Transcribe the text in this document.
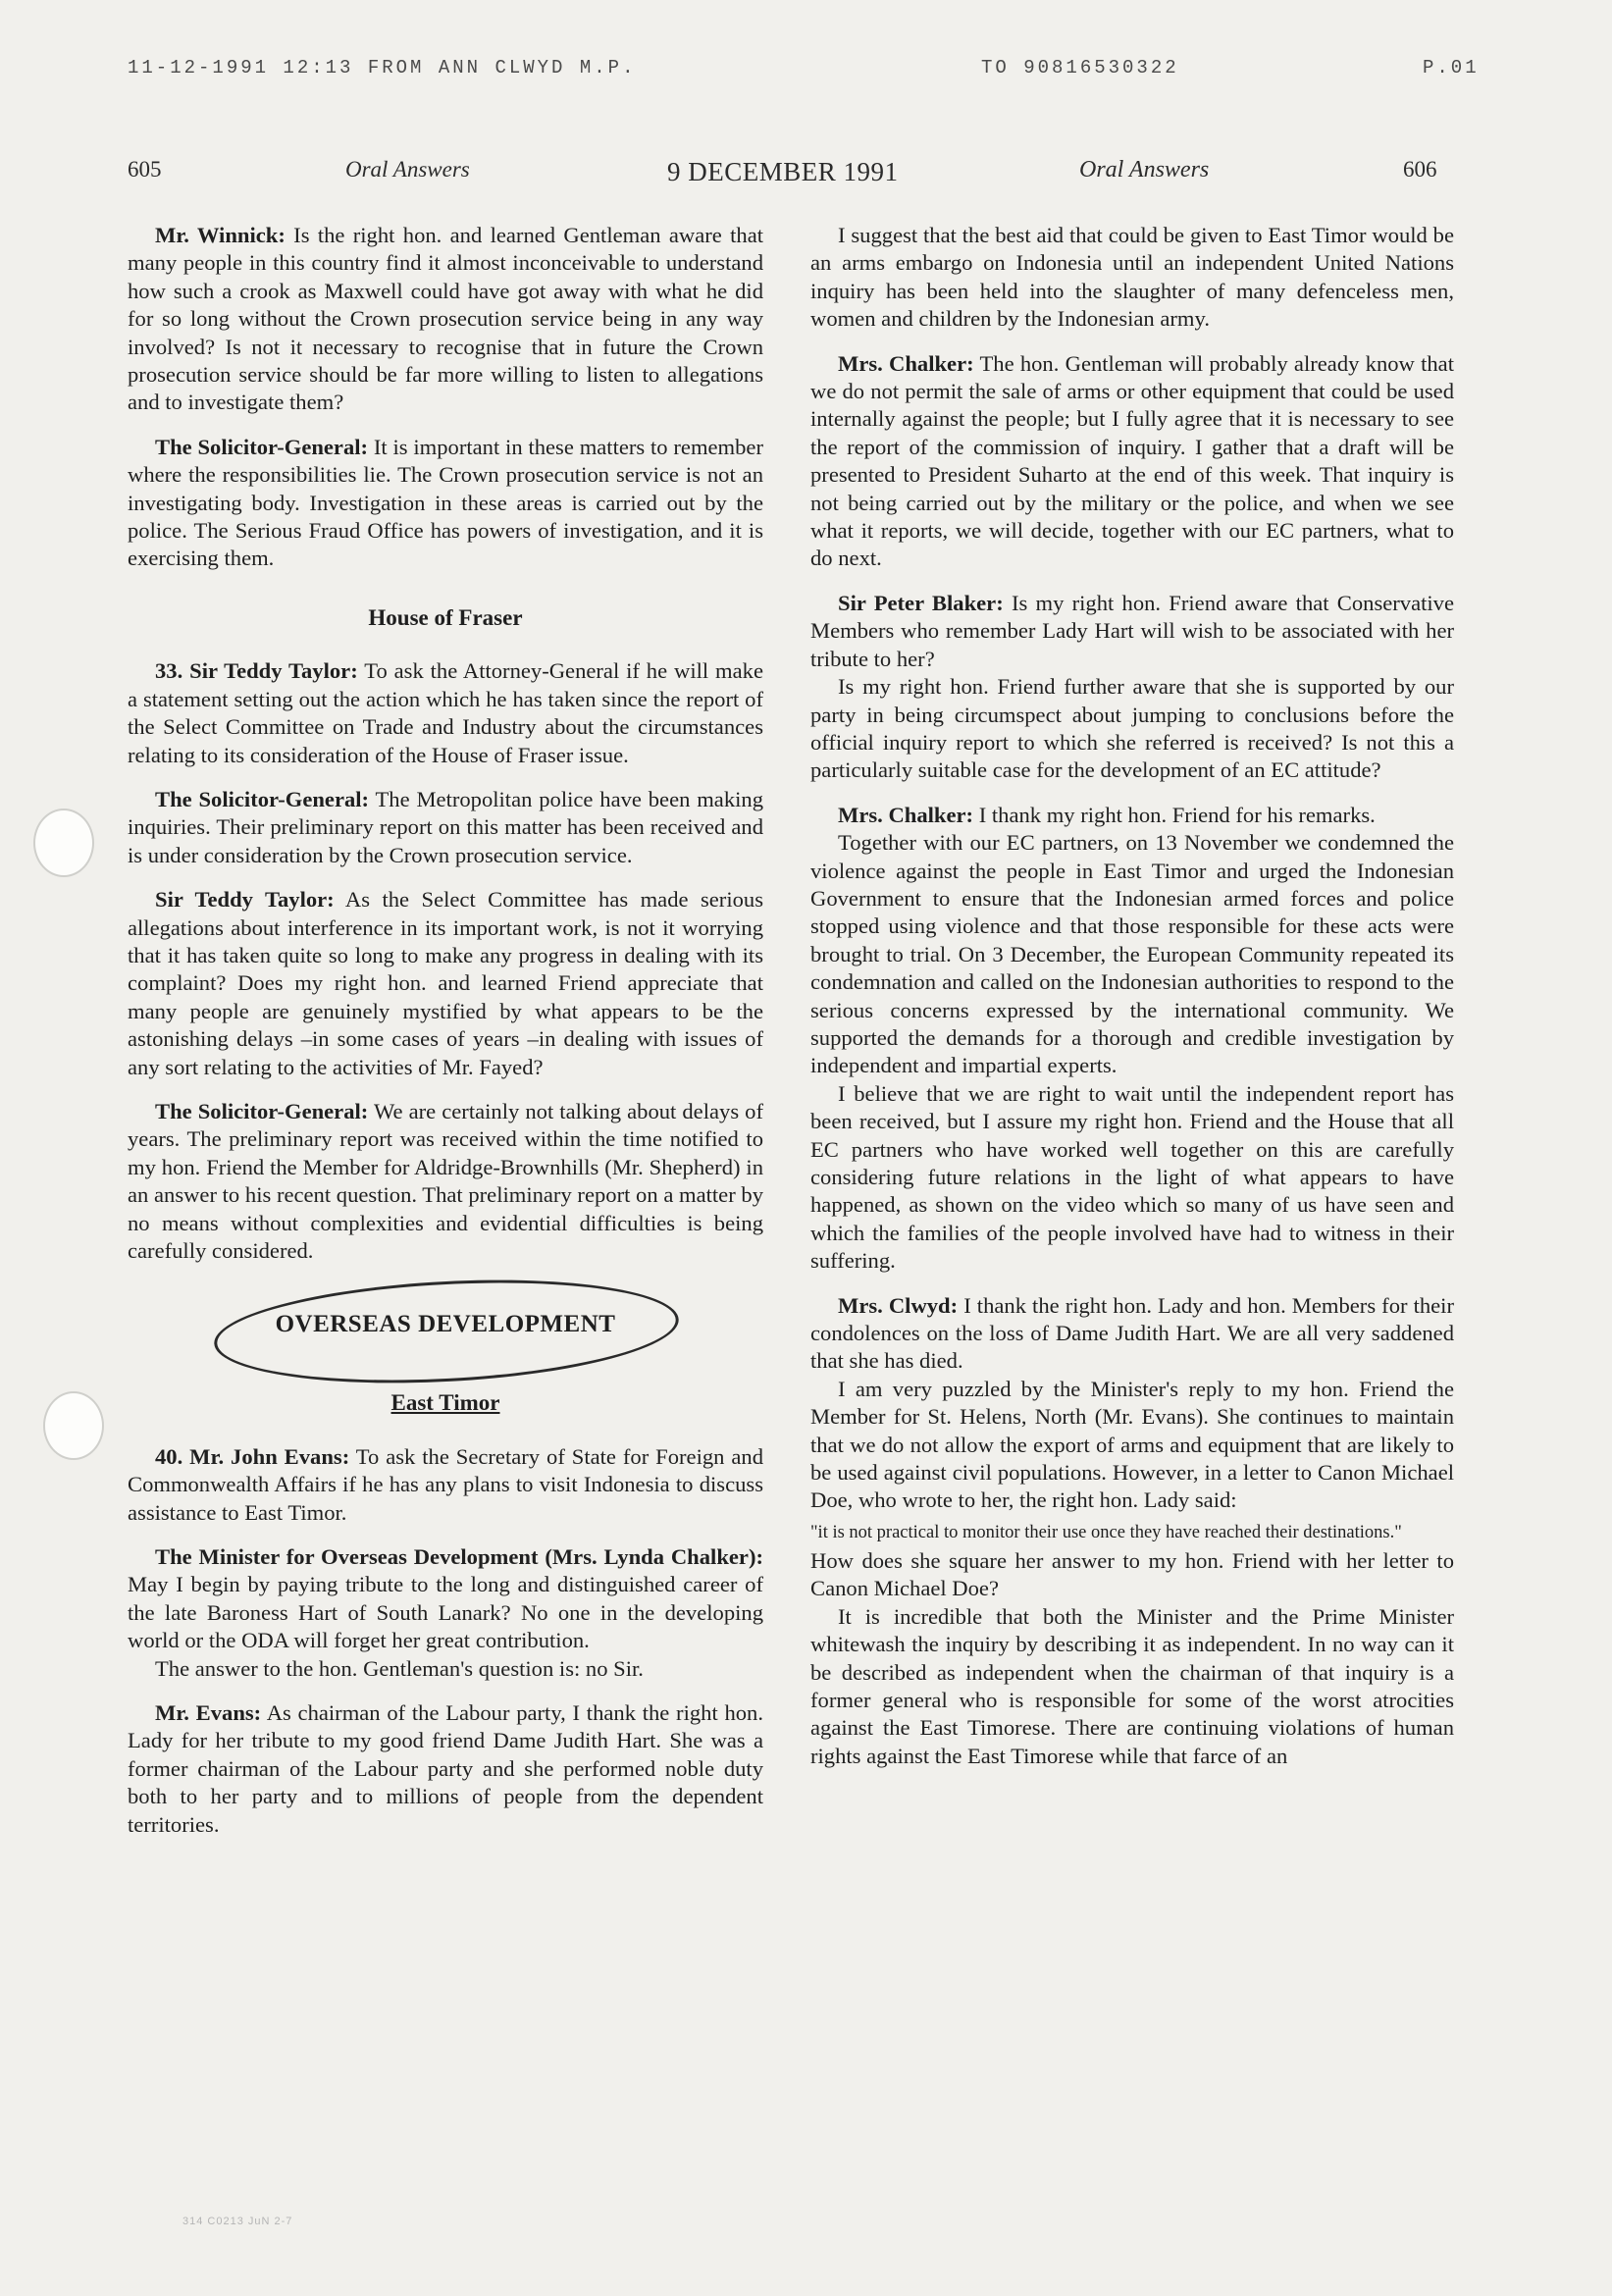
11-12-1991 12:13 FROM ANN CLWYD M.P.	TO 90816530322	P.01
605	Oral Answers	9 DECEMBER 1991	Oral Answers	606

Mr. Winnick: Is the right hon. and learned Gentleman aware that many people in this country find it almost inconceivable to understand how such a crook as Maxwell could have got away with what he did for so long without the Crown prosecution service being in any way involved? Is not it necessary to recognise that in future the Crown prosecution service should be far more willing to listen to allegations and to investigate them?

The Solicitor-General: It is important in these matters to remember where the responsibilities lie. The Crown prosecution service is not an investigating body. Investigation in these areas is carried out by the police. The Serious Fraud Office has powers of investigation, and it is exercising them.

House of Fraser

33. Sir Teddy Taylor: To ask the Attorney-General if he will make a statement setting out the action which he has taken since the report of the Select Committee on Trade and Industry about the circumstances relating to its consideration of the House of Fraser issue.

The Solicitor-General: The Metropolitan police have been making inquiries. Their preliminary report on this matter has been received and is under consideration by the Crown prosecution service.

Sir Teddy Taylor: As the Select Committee has made serious allegations about interference in its important work, is not it worrying that it has taken quite so long to make any progress in dealing with its complaint? Does my right hon. and learned Friend appreciate that many people are genuinely mystified by what appears to be the astonishing delays –in some cases of years –in dealing with issues of any sort relating to the activities of Mr. Fayed?

The Solicitor-General: We are certainly not talking about delays of years. The preliminary report was received within the time notified to my hon. Friend the Member for Aldridge-Brownhills (Mr. Shepherd) in an answer to his recent question. That preliminary report on a matter by no means without complexities and evidential difficulties is being carefully considered.

OVERSEAS DEVELOPMENT
East Timor

40. Mr. John Evans: To ask the Secretary of State for Foreign and Commonwealth Affairs if he has any plans to visit Indonesia to discuss assistance to East Timor.

The Minister for Overseas Development (Mrs. Lynda Chalker): May I begin by paying tribute to the long and distinguished career of the late Baroness Hart of South Lanark? No one in the developing world or the ODA will forget her great contribution.

The answer to the hon. Gentleman's question is: no Sir.

Mr. Evans: As chairman of the Labour party, I thank the right hon. Lady for her tribute to my good friend Dame Judith Hart. She was a former chairman of the Labour party and she performed noble duty both to her party and to millions of people from the dependent territories.

I suggest that the best aid that could be given to East Timor would be an arms embargo on Indonesia until an independent United Nations inquiry has been held into the slaughter of many defenceless men, women and children by the Indonesian army.

Mrs. Chalker: The hon. Gentleman will probably already know that we do not permit the sale of arms or other equipment that could be used internally against the people; but I fully agree that it is necessary to see the report of the commission of inquiry. I gather that a draft will be presented to President Suharto at the end of this week. That inquiry is not being carried out by the military or the police, and when we see what it reports, we will decide, together with our EC partners, what to do next.

Sir Peter Blaker: Is my right hon. Friend aware that Conservative Members who remember Lady Hart will wish to be associated with her tribute to her?

Is my right hon. Friend further aware that she is supported by our party in being circumspect about jumping to conclusions before the official inquiry report to which she referred is received? Is not this a particularly suitable case for the development of an EC attitude?

Mrs. Chalker: I thank my right hon. Friend for his remarks.

Together with our EC partners, on 13 November we condemned the violence against the people in East Timor and urged the Indonesian Government to ensure that the Indonesian armed forces and police stopped using violence and that those responsible for these acts were brought to trial. On 3 December, the European Community repeated its condemnation and called on the Indonesian authorities to respond to the serious concerns expressed by the international community. We supported the demands for a thorough and credible investigation by independent and impartial experts.

I believe that we are right to wait until the independent report has been received, but I assure my right hon. Friend and the House that all EC partners who have worked well together on this are carefully considering future relations in the light of what appears to have happened, as shown on the video which so many of us have seen and which the families of the people involved have had to witness in their suffering.

Mrs. Clwyd: I thank the right hon. Lady and hon. Members for their condolences on the loss of Dame Judith Hart. We are all very saddened that she has died.

I am very puzzled by the Minister's reply to my hon. Friend the Member for St. Helens, North (Mr. Evans). She continues to maintain that we do not allow the export of arms and equipment that are likely to be used against civil populations. However, in a letter to Canon Michael Doe, who wrote to her, the right hon. Lady said:

"it is not practical to monitor their use once they have reached their destinations."

How does she square her answer to my hon. Friend with her letter to Canon Michael Doe?

It is incredible that both the Minister and the Prime Minister whitewash the inquiry by describing it as independent. In no way can it be described as independent when the chairman of that inquiry is a former general who is responsible for some of the worst atrocities against the East Timorese. There are continuing violations of human rights against the East Timorese while that farce of an

314 C0213 JuN 2-7
